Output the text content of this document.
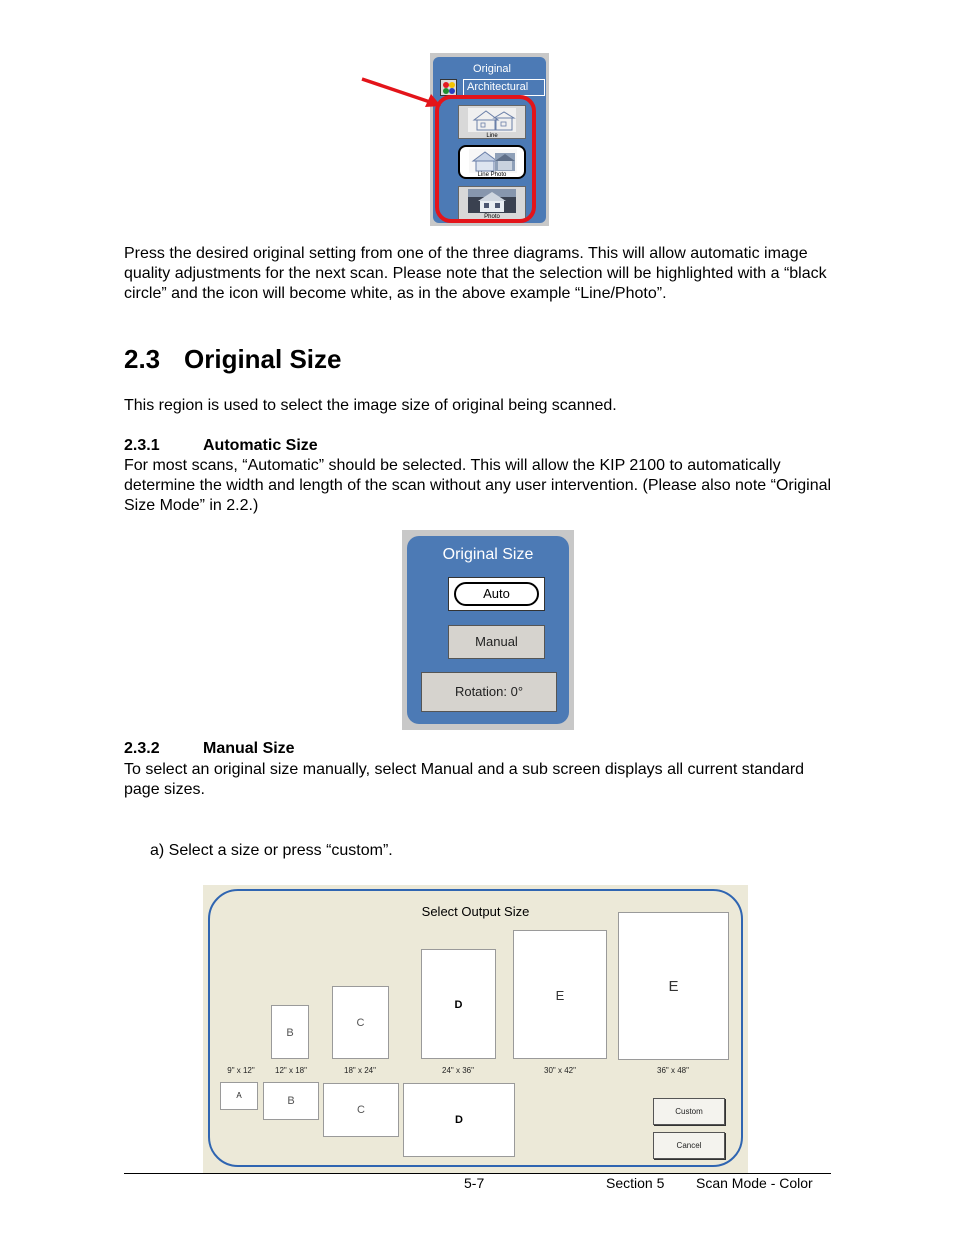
Original
Architectural
Line
Line Photo
Photo
Press the desired original setting from one of the three diagrams. This will allow automatic image quality adjustments for the next scan. Please note that the selection will be highlighted with a “black circle” and the icon will become white, as in the above example “Line/Photo”.
2.3 Original Size
This region is used to select the image size of original being scanned.
2.3.1	Automatic Size
For most scans, “Automatic” should be selected. This will allow the KIP 2100 to automatically determine the width and length of the scan without any user intervention. (Please also note “Original Size Mode” in 2.2.)
Original Size
Auto
Manual
Rotation: 0°
2.3.2	Manual Size
To select an original size manually, select Manual and a sub screen displays all current standard page sizes.
a) Select a size or press “custom”.
Select Output Size
B
C
D
E
E
9" x 12"	12" x 18"	18" x 24"	24" x 36"	30" x 42"	36" x 48"
A	B
C
D
Custom
Cancel
5-7	Section 5 Scan Mode - Color
